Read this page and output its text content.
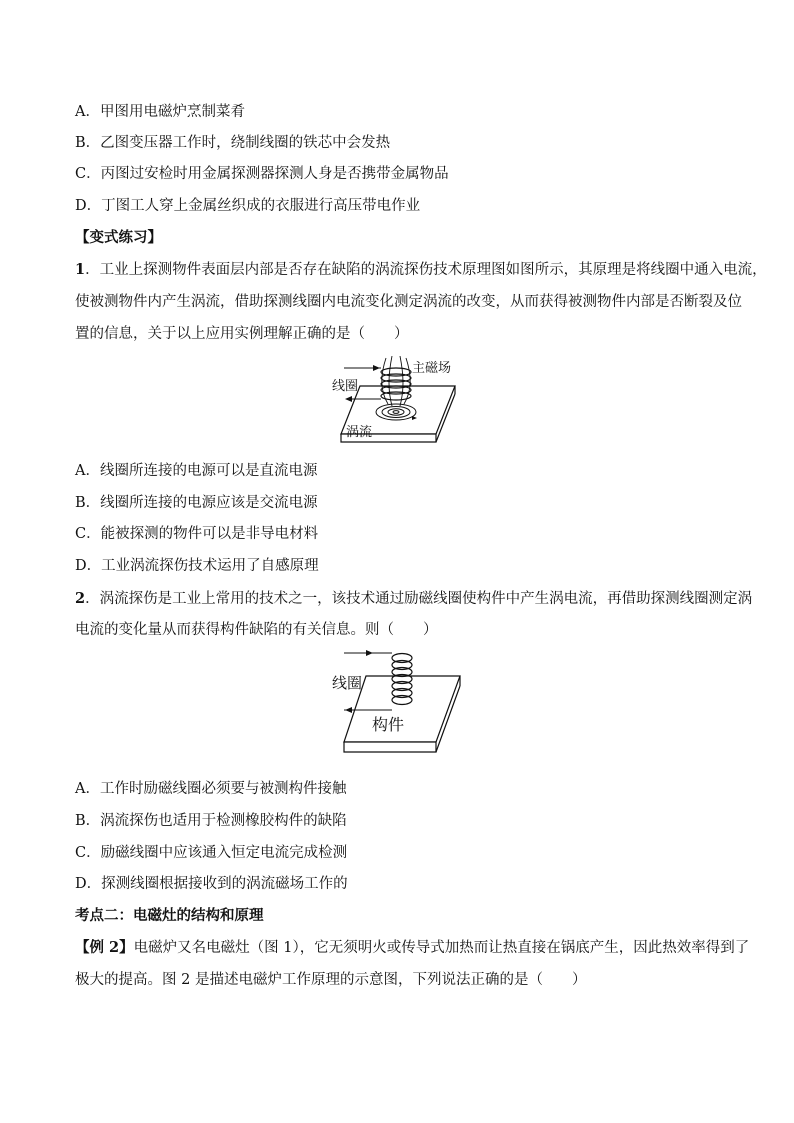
A．甲图用电磁炉烹制菜肴
B．乙图变压器工作时，绕制线圈的铁芯中会发热
C．丙图过安检时用金属探测器探测人身是否携带金属物品
D．丁图工人穿上金属丝织成的衣服进行高压带电作业
【变式练习】
1．工业上探测物件表面层内部是否存在缺陷的涡流探伤技术原理图如图所示，其原理是将线圈中通入电流，
使被测物件内产生涡流，借助探测线圈内电流变化测定涡流的改变，从而获得被测物件内部是否断裂及位
置的信息，关于以上应用实例理解正确的是（　　）
主磁场
线圈
涡流
A．线圈所连接的电源可以是直流电源
B．线圈所连接的电源应该是交流电源
C．能被探测的物件可以是非导电材料
D．工业涡流探伤技术运用了自感原理
2．涡流探伤是工业上常用的技术之一，该技术通过励磁线圈使构件中产生涡电流，再借助探测线圈测定涡
电流的变化量从而获得构件缺陷的有关信息。则（　　）
线圈
构件
A．工作时励磁线圈必须要与被测构件接触
B．涡流探伤也适用于检测橡胶构件的缺陷
C．励磁线圈中应该通入恒定电流完成检测
D．探测线圈根据接收到的涡流磁场工作的
考点二：电磁灶的结构和原理
【例 2】电磁炉又名电磁灶（图 1），它无须明火或传导式加热而让热直接在锅底产生，因此热效率得到了
极大的提高。图 2 是描述电磁炉工作原理的示意图，下列说法正确的是（　　）
